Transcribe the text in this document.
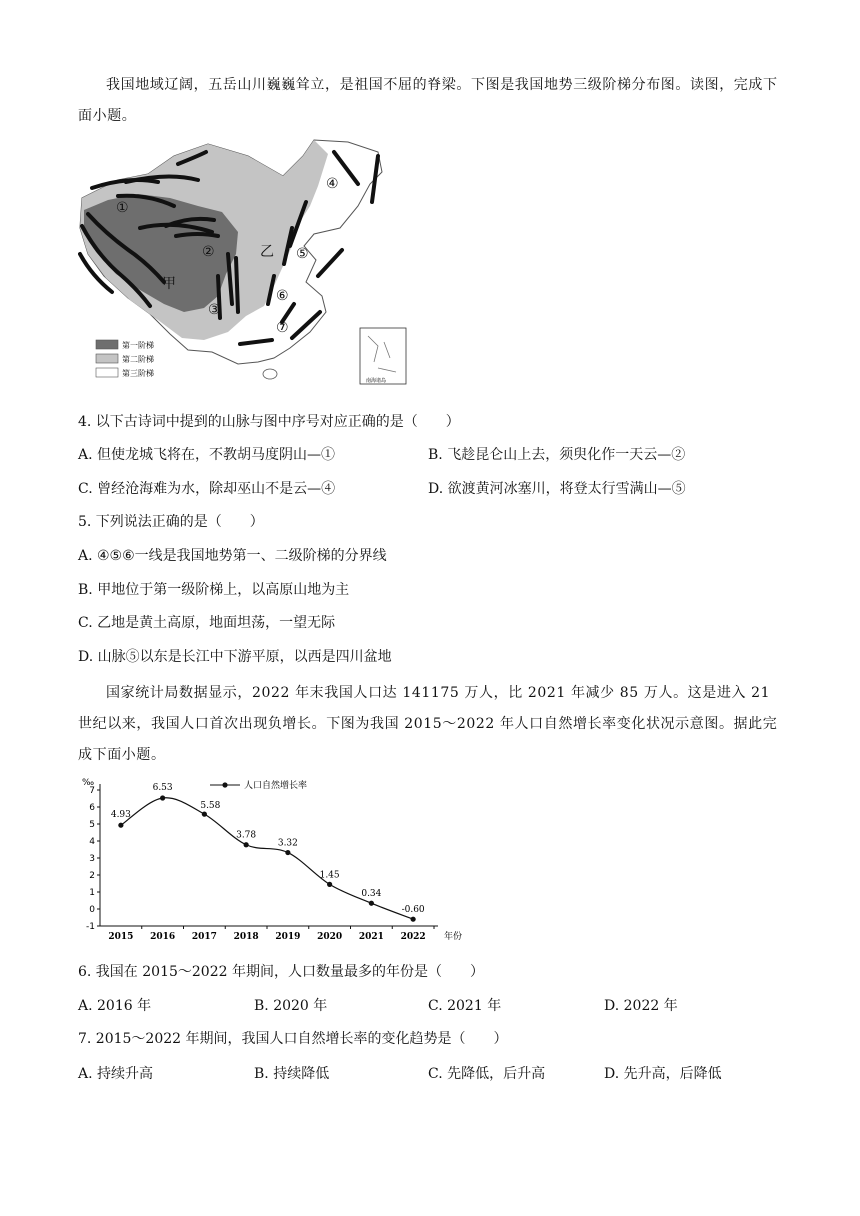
我国地域辽阔，五岳山川巍巍耸立，是祖国不屈的脊梁。下图是我国地势三级阶梯分布图。读图，完成下面小题。
①
②
③
④
⑤
⑥
⑦
甲
乙
第一阶梯
第二阶梯
第三阶梯
南海诸岛
4. 以下古诗词中提到的山脉与图中序号对应正确的是（　　）
A. 但使龙城飞将在，不教胡马度阴山—①	B. 飞趁昆仑山上去，须臾化作一天云—②
C. 曾经沧海难为水，除却巫山不是云—④	D. 欲渡黄河冰塞川，将登太行雪满山—⑤
5. 下列说法正确的是（　　）
A. ④⑤⑥一线是我国地势第一、二级阶梯的分界线
B. 甲地位于第一级阶梯上，以高原山地为主
C. 乙地是黄土高原，地面坦荡，一望无际
D. 山脉⑤以东是长江中下游平原，以西是四川盆地
国家统计局数据显示，2022 年末我国人口达 141175 万人，比 2021 年减少 85 万人。这是进入 21 世纪以来，我国人口首次出现负增长。下图为我国 2015～2022 年人口自然增长率变化状况示意图。据此完成下面小题。
-1
0
1
2
3
4
5
6
7
‰
2015 2016 2017 2018 2019 2020 2021 2022 年份
4.93
6.53
5.58
3.78
3.32
1.45
0.34
-0.60
人口自然增长率
6. 我国在 2015～2022 年期间，人口数量最多的年份是（　　）
A. 2016 年	B. 2020 年	C. 2021 年	D. 2022 年
7. 2015～2022 年期间，我国人口自然增长率的变化趋势是（　　）
A. 持续升高	B. 持续降低	C. 先降低，后升高	D. 先升高，后降低
